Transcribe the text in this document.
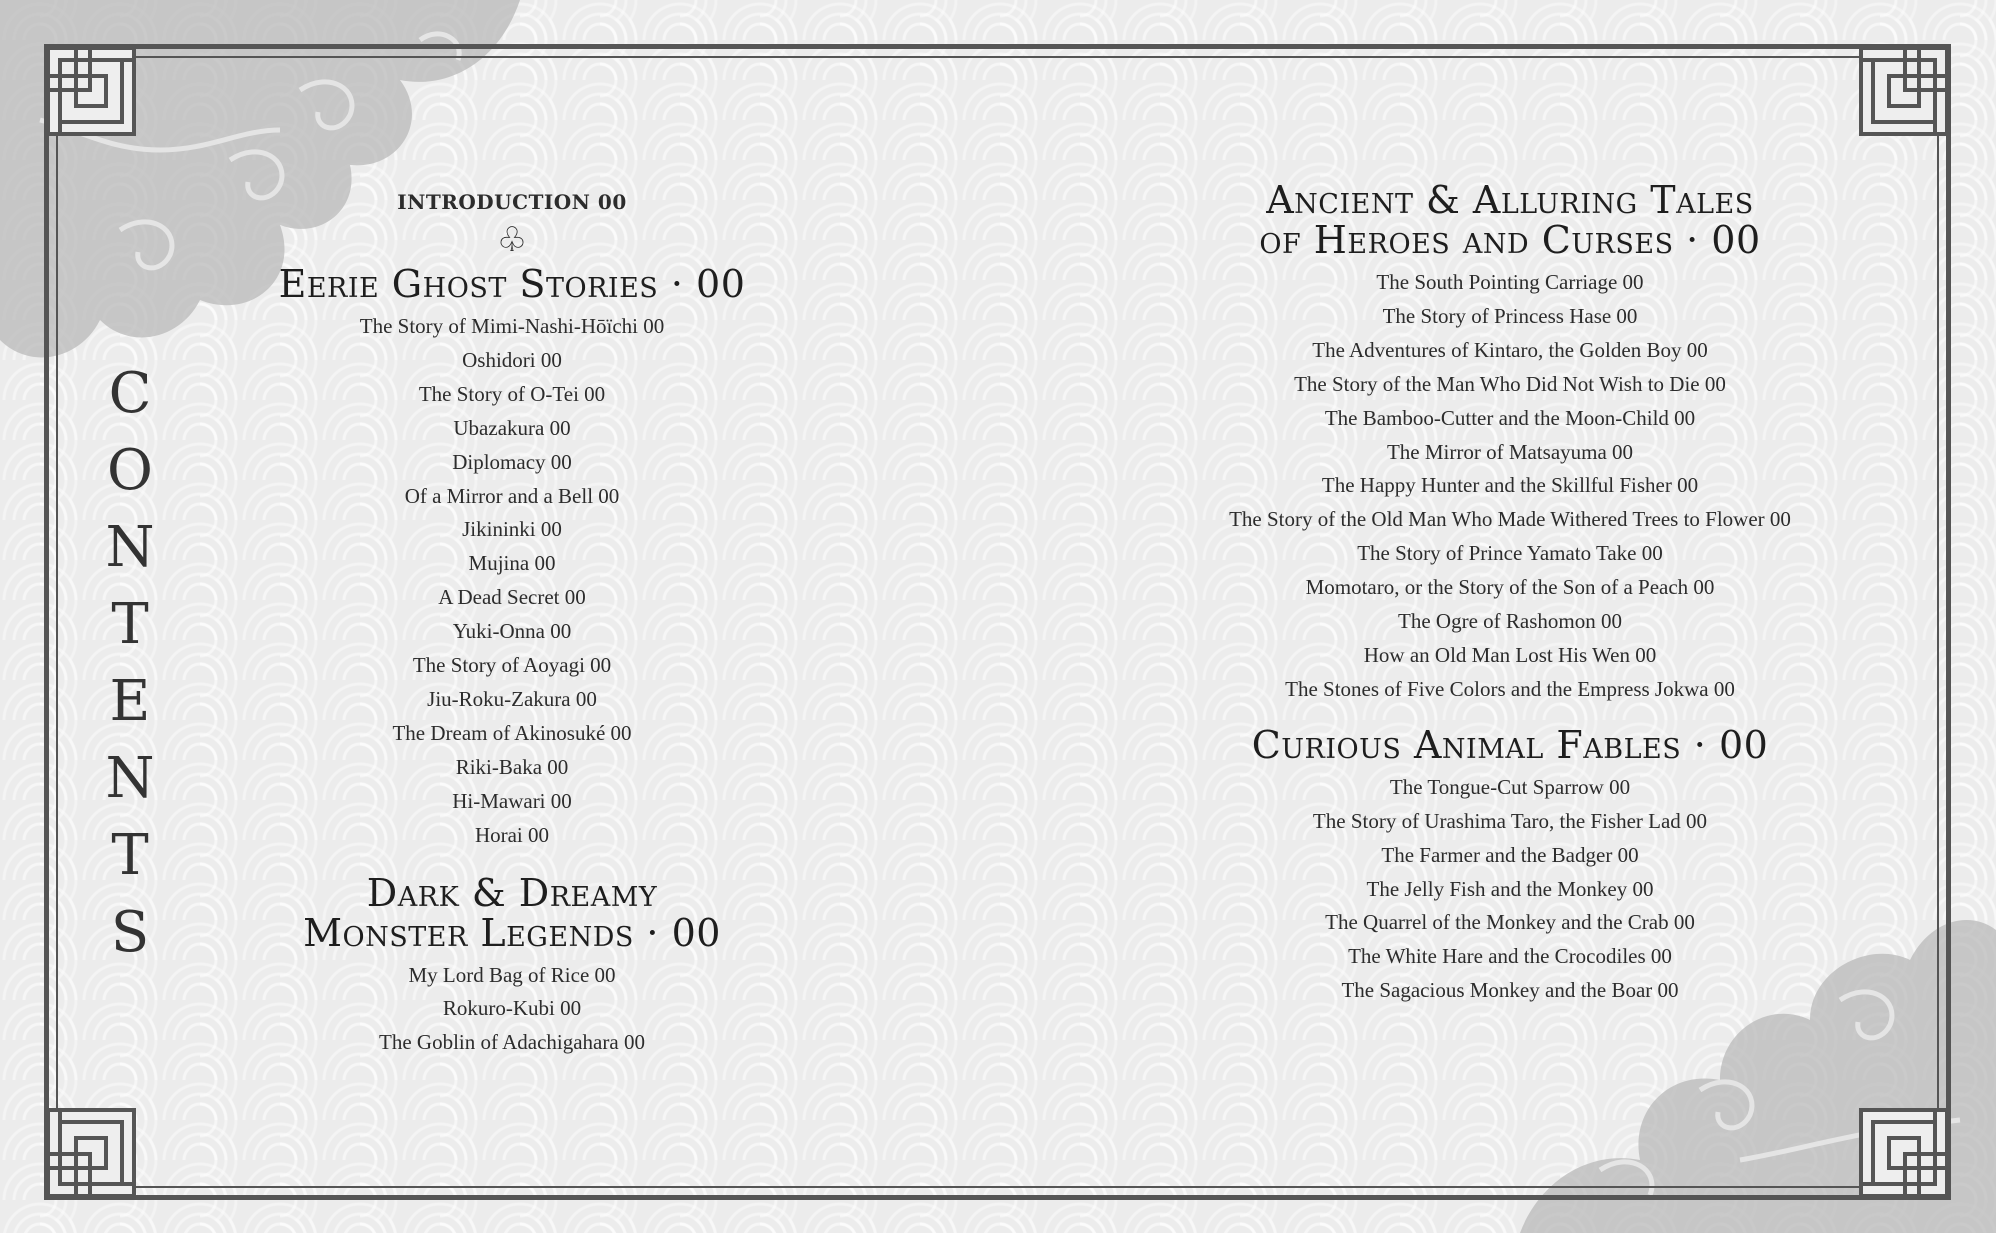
C
O
N
T
E
N
T
S
INTRODUCTION 00
♧
Eerie Ghost Stories · 00
The Story of Mimi-Nashi-Hōïchi 00
Oshidori 00
The Story of O-Tei 00
Ubazakura 00
Diplomacy 00
Of a Mirror and a Bell 00
Jikininki 00
Mujina 00
A Dead Secret 00
Yuki-Onna 00
The Story of Aoyagi 00
Jiu-Roku-Zakura 00
The Dream of Akinosuké 00
Riki-Baka 00
Hi-Mawari 00
Horai 00
Dark & Dreamy
Monster Legends · 00
My Lord Bag of Rice 00
Rokuro-Kubi 00
The Goblin of Adachigahara 00
Ancient & Alluring Tales
of Heroes and Curses · 00
The South Pointing Carriage 00
The Story of Princess Hase 00
The Adventures of Kintaro, the Golden Boy 00
The Story of the Man Who Did Not Wish to Die 00
The Bamboo-Cutter and the Moon-Child 00
The Mirror of Matsayuma 00
The Happy Hunter and the Skillful Fisher 00
The Story of the Old Man Who Made Withered Trees to Flower 00
The Story of Prince Yamato Take 00
Momotaro, or the Story of the Son of a Peach 00
The Ogre of Rashomon 00
How an Old Man Lost His Wen 00
The Stones of Five Colors and the Empress Jokwa 00
Curious Animal Fables · 00
The Tongue-Cut Sparrow 00
The Story of Urashima Taro, the Fisher Lad 00
The Farmer and the Badger 00
The Jelly Fish and the Monkey 00
The Quarrel of the Monkey and the Crab 00
The White Hare and the Crocodiles 00
The Sagacious Monkey and the Boar 00
